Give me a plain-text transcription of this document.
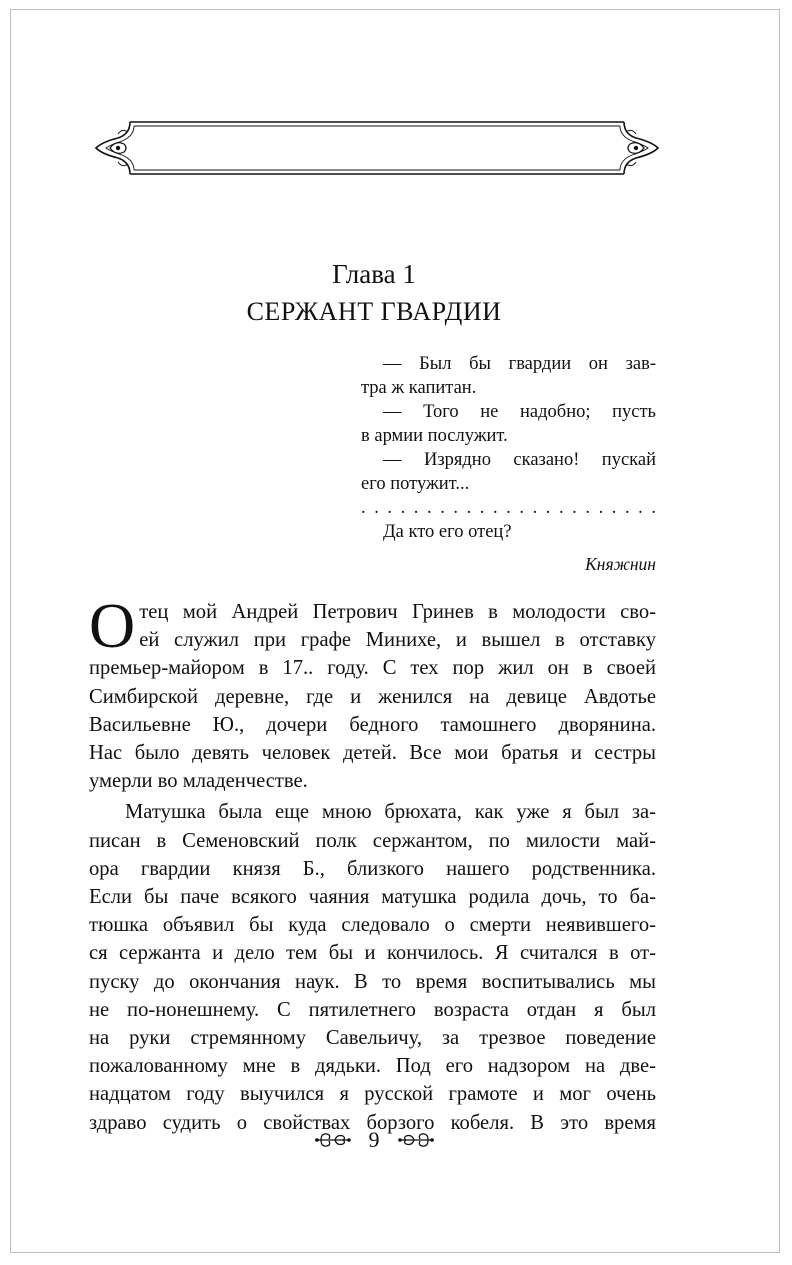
Глава 1
СЕРЖАНТ ГВАРДИИ
— Был бы гвардии он зав-
тра ж капитан.
— Того не надобно; пусть
в армии послужит.
— Изрядно сказано! пускай
его потужит...
. . . . . . . . . . . . . . . . . . . . . . .
Да кто его отец?
Княжнин
О тец мой Андрей Петрович Гринев в молодости сво-
ей служил при графе Минихе, и вышел в отставку
премьер-майором в 17.. году. С тех пор жил он в своей
Симбирской деревне, где и женился на девице Авдотье
Васильевне Ю., дочери бедного тамошнего дворянина.
Нас было девять человек детей. Все мои братья и сестры
умерли во младенчестве.
Матушка была еще мною брюхата, как уже я был за-
писан в Семеновский полк сержантом, по милости май-
ора гвардии князя Б., близкого нашего родственника.
Если бы паче всякого чаяния матушка родила дочь, то ба-
тюшка объявил бы куда следовало о смерти неявившего-
ся сержанта и дело тем бы и кончилось. Я считался в от-
пуску до окончания наук. В то время воспитывались мы
не по-нонешнему. С пятилетнего возраста отдан я был
на руки стремянному Савельичу, за трезвое поведение
пожалованному мне в дядьки. Под его надзором на две-
надцатом году выучился я русской грамоте и мог очень
здраво судить о свойствах борзого кобеля. В это время
9
